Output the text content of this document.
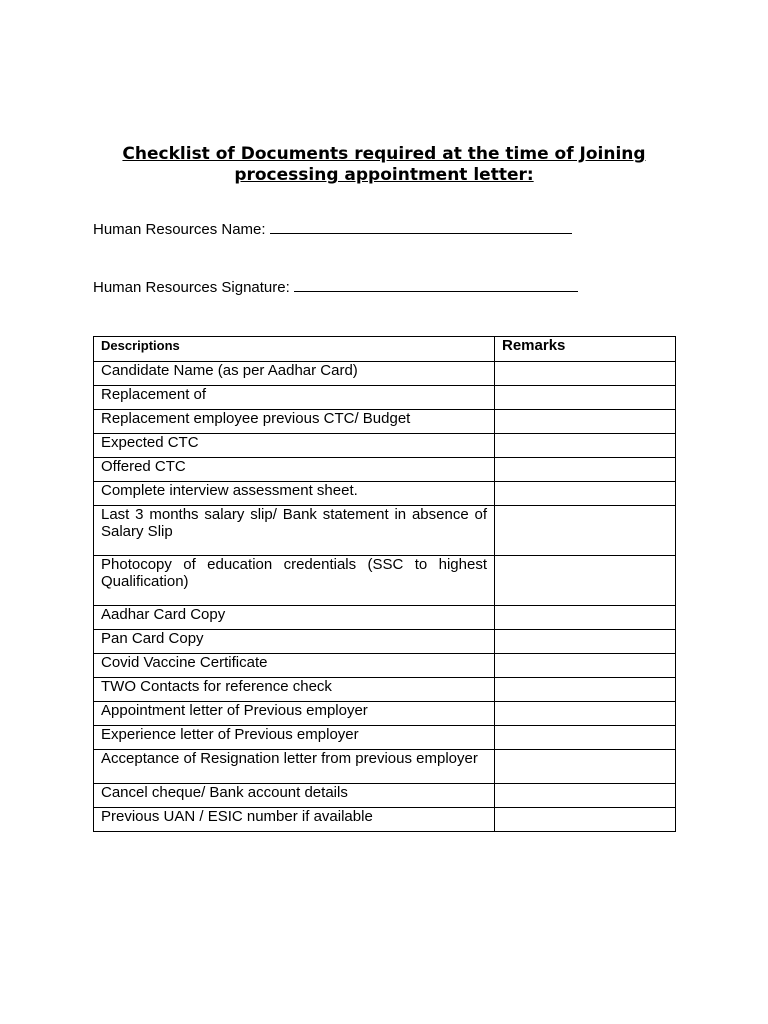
Checklist of Documents required at the time of Joining
processing appointment letter:
Human Resources Name:
Human Resources Signature:
Descriptions	Remarks
Candidate Name (as per Aadhar Card)	
Replacement of	
Replacement employee previous CTC/ Budget	
Expected CTC	
Offered CTC	
Complete interview assessment sheet.	
Last 3 months salary slip/ Bank statement in absence of Salary Slip	
Photocopy of education credentials (SSC to highest Qualification)	
Aadhar Card Copy	
Pan Card Copy	
Covid Vaccine Certificate	
TWO Contacts for reference check	
Appointment letter of Previous employer	
Experience letter of Previous employer	
Acceptance of Resignation letter from previous employer	
Cancel cheque/ Bank account details	
Previous UAN / ESIC number if available	
